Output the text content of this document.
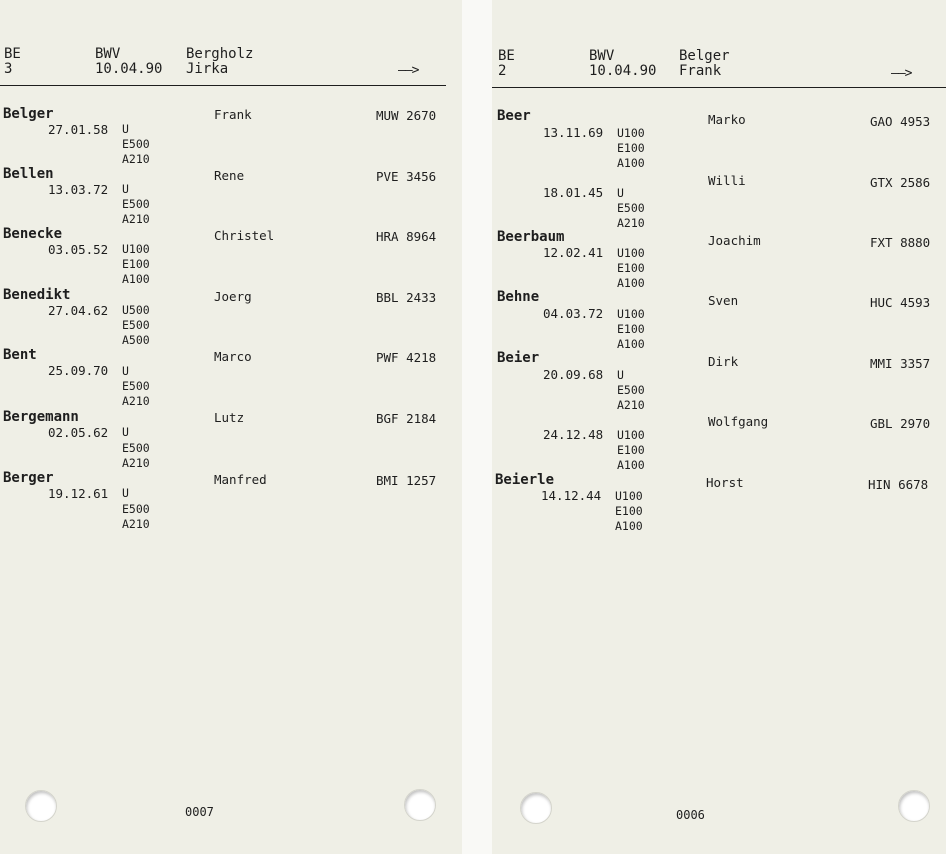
BE
3
BWV
10.04.90
Bergholz
Jirka	——>
Belger
27.01.58 U
E500
A210
Frank	MUW 2670
Bellen
13.03.72 U
E500
A210
Rene	PVE 3456
Benecke
03.05.52 U100
E100
A100
Christel	HRA 8964
Benedikt
27.04.62 U500
E500
A500
Joerg	BBL 2433
Bent
25.09.70 U
E500
A210
Marco	PWF 4218
Bergemann
02.05.62 U
E500
A210
Lutz	BGF 2184
Berger
19.12.61 U
E500
A210
Manfred	BMI 1257
0007
BE
2
BWV
10.04.90
Belger
Frank	——>
Beer
13.11.69 U100
E100
A100
Marko	GAO 4953
18.01.45 U
E500
A210
Willi	GTX 2586
Beerbaum
12.02.41 U100
E100
A100
Joachim	FXT 8880
Behne
04.03.72 U100
E100
A100
Sven	HUC 4593
Beier
20.09.68 U
E500
A210
Dirk	MMI 3357
24.12.48 U100
E100
A100
Wolfgang	GBL 2970
Beierle
14.12.44 U100
E100
A100
Horst	HIN 6678
0006
